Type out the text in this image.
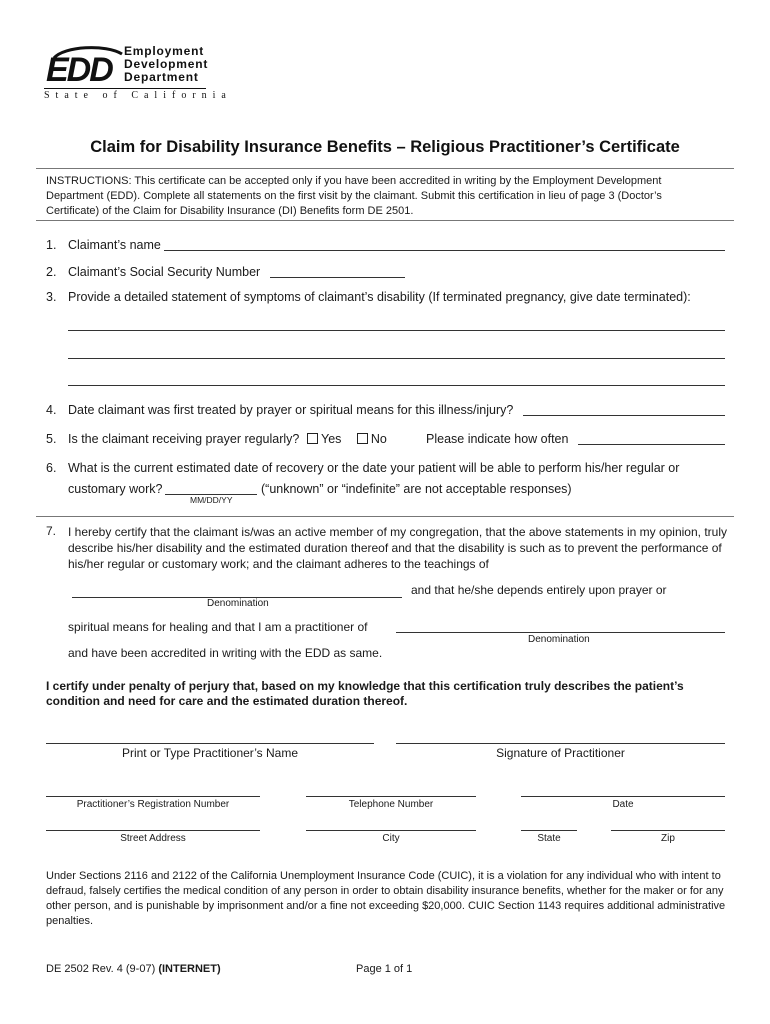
EDD Employment
Development
Department
State of California
Claim for Disability Insurance Benefits – Religious Practitioner’s Certificate
INSTRUCTIONS: This certificate can be accepted only if you have been accredited in writing by the Employment Development Department (EDD). Complete all statements on the first visit by the claimant. Submit this certification in lieu of page 3 (Doctor’s Certificate) of the Claim for Disability Insurance (DI) Benefits form DE 2501.
1. Claimant’s name
2. Claimant’s Social Security Number
3. Provide a detailed statement of symptoms of claimant’s disability (If terminated pregnancy, give date terminated):
4. Date claimant was first treated by prayer or spiritual means for this illness/injury?
5. Is the claimant receiving prayer regularly?	Yes No	Please indicate how often
6. What is the current estimated date of recovery or the date your patient will be able to perform his/her regular or
customary work?
MM/DD/YY
(“unknown” or “indefinite” are not acceptable responses)
7. I hereby certify that the claimant is/was an active member of my congregation, that the above statements in my opinion, truly describe his/her disability and the estimated duration thereof and that the disability is such as to prevent the performance of his/her regular or customary work; and the claimant adheres to the teachings of
Denomination
and that he/she depends entirely upon prayer or
spiritual means for healing and that I am a practitioner of
Denomination
and have been accredited in writing with the EDD as same.
I certify under penalty of perjury that, based on my knowledge that this certification truly describes the patient’s condition and need for care and the estimated duration thereof.
Print or Type Practitioner’s Name	Signature of Practitioner
Practitioner’s Registration Number	Telephone Number	Date
Street Address	City	State	Zip
Under Sections 2116 and 2122 of the California Unemployment Insurance Code (CUIC), it is a violation for any individual who with intent to defraud, falsely certifies the medical condition of any person in order to obtain disability insurance benefits, whether for the maker or for any other person, and is punishable by imprisonment and/or a fine not exceeding $20,000. CUIC Section 1143 requires additional administrative penalties.
DE 2502 Rev. 4 (9-07) (INTERNET)	Page 1 of 1
